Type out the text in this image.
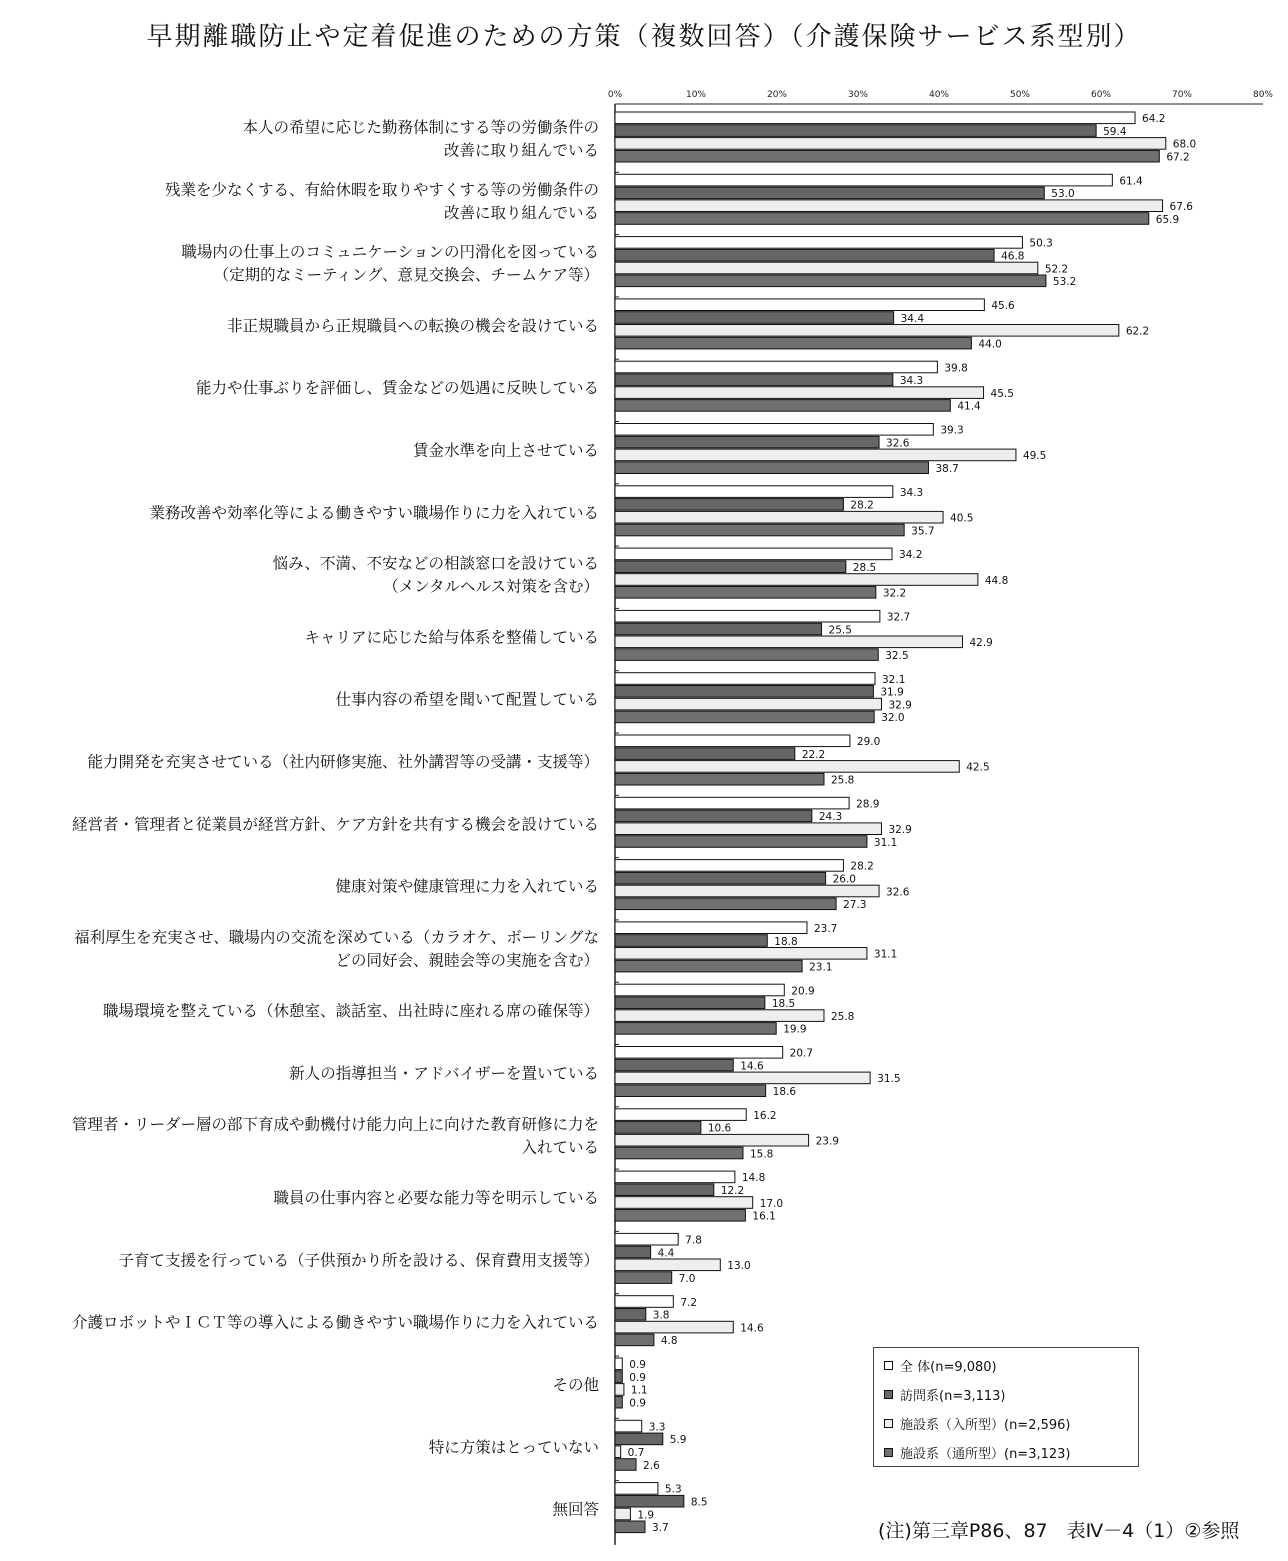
早期離職防止や定着促進のための方策（複数回答）（介護保険サービス系型別）
0%	10%	20%	30%	40%	50%	60%	70%	80%
本人の希望に応じた勤務体制にする等の労働条件の
改善に取り組んでいる
64.2
59.4
68.0
67.2
残業を少なくする、有給休暇を取りやすくする等の労働条件の
改善に取り組んでいる
61.4
53.0
67.6
65.9
職場内の仕事上のコミュニケーションの円滑化を図っている
（定期的なミーティング、意見交換会、チームケア等）
50.3
46.8
52.2
53.2
非正規職員から正規職員への転換の機会を設けている
45.6
34.4
62.2
44.0
能力や仕事ぶりを評価し、賃金などの処遇に反映している
39.8
34.3
45.5
41.4
賃金水準を向上させている
39.3
32.6
49.5
38.7
業務改善や効率化等による働きやすい職場作りに力を入れている
34.3
28.2
40.5
35.7
悩み、不満、不安などの相談窓口を設けている
（メンタルヘルス対策を含む）
34.2
28.5
44.8
32.2
キャリアに応じた給与体系を整備している
32.7
25.5
42.9
32.5
仕事内容の希望を聞いて配置している
32.1
31.9
32.9
32.0
能力開発を充実させている（社内研修実施、社外講習等の受講・支援等）
29.0
22.2
42.5
25.8
経営者・管理者と従業員が経営方針、ケア方針を共有する機会を設けている
28.9
24.3
32.9
31.1
健康対策や健康管理に力を入れている
28.2
26.0
32.6
27.3
福利厚生を充実させ、職場内の交流を深めている（カラオケ、ボーリングな
どの同好会、親睦会等の実施を含む）
23.7
18.8
31.1
23.1
職場環境を整えている（休憩室、談話室、出社時に座れる席の確保等）
20.9
18.5
25.8
19.9
新人の指導担当・アドバイザーを置いている
20.7
14.6
31.5
18.6
管理者・リーダー層の部下育成や動機付け能力向上に向けた教育研修に力を
入れている
16.2
10.6
23.9
15.8
職員の仕事内容と必要な能力等を明示している
14.8
12.2
17.0
16.1
子育て支援を行っている（子供預かり所を設ける、保育費用支援等）
7.8
4.4
13.0
7.0
介護ロボットやＩＣＴ等の導入による働きやすい職場作りに力を入れている
7.2
3.8
14.6
4.8
その他
0.9
0.9
1.1
0.9
特に方策はとっていない
3.3
5.9
0.7
2.6
無回答
5.3
8.5
1.9
3.7
全 体(n=9,080)
訪問系(n=3,113)
施設系（入所型）(n=2,596)
施設系（通所型）(n=3,123)
(注)第三章P86、87　表Ⅳ－4（1）②参照
